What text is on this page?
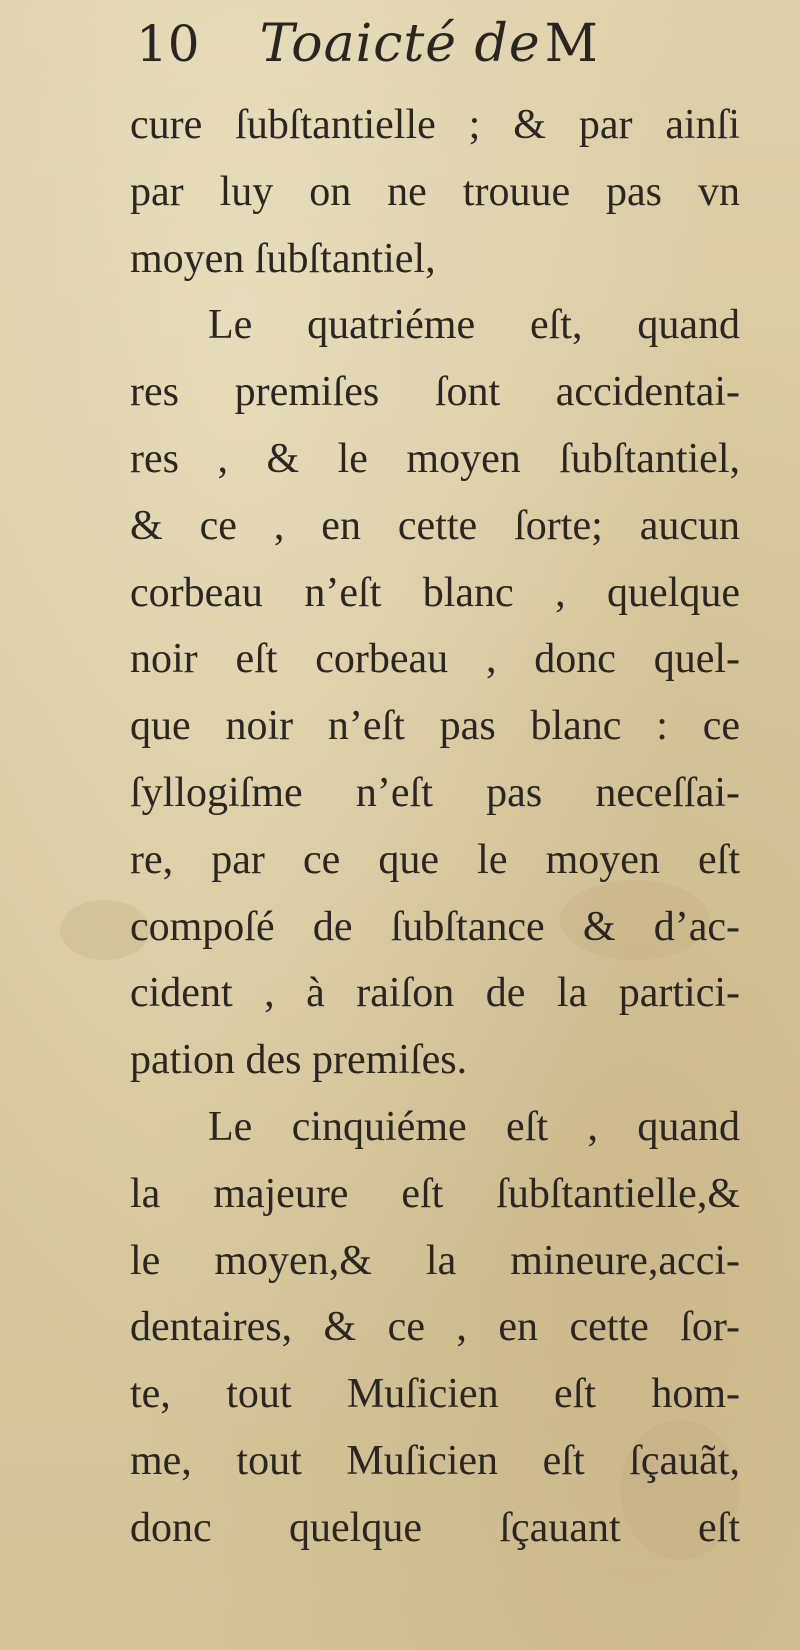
10 Toaicté de M
cure ſubſtantielle ; & par ainſi
par luy on ne trouue pas vn
moyen ſubſtantiel,
Le quatriéme eſt, quand
res premiſes ſont accidentai-
res , & le moyen ſubſtantiel,
& ce , en cette ſorte; aucun
corbeau n’eſt blanc , quelque
noir eſt corbeau , donc quel-
que noir n’eſt pas blanc : ce
ſyllogiſme n’eſt pas neceſſai-
re, par ce que le moyen eſt
compoſé de ſubſtance & d’ac-
cident , à raiſon de la partici-
pation des premiſes.
Le cinquiéme eſt , quand
la majeure eſt ſubſtantielle,&
le moyen,& la mineure,acci-
dentaires, & ce , en cette ſor-
te, tout Muſicien eſt hom-
me, tout Muſicien eſt ſçauãt,
donc quelque ſçauant eſt
